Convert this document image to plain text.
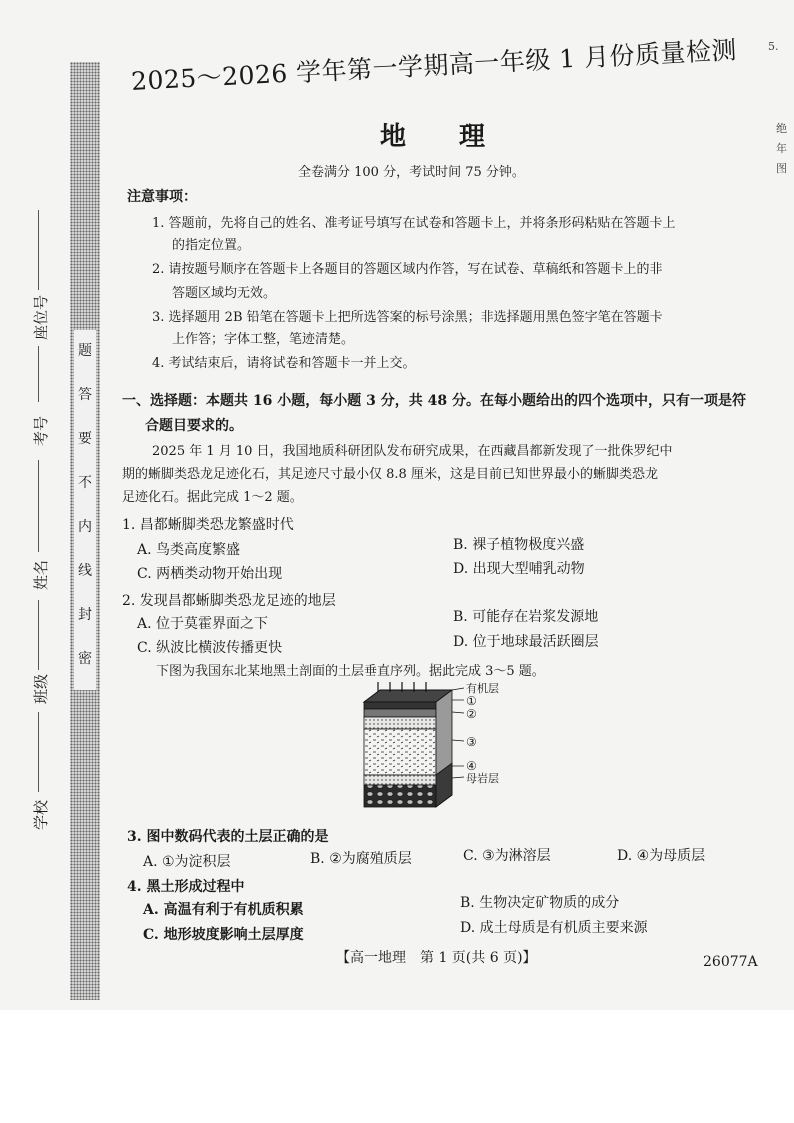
题
答
要
不
内
线
封
密
学校
班级
姓名
考号
座位号
5.
绝
年
图
2025～2026 学年第一学期高一年级 1 月份质量检测
地 理
全卷满分 100 分，考试时间 75 分钟。
注意事项：
1. 答题前，先将自己的姓名、准考证号填写在试卷和答题卡上，并将条形码粘贴在答题卡上
的指定位置。
2. 请按题号顺序在答题卡上各题目的答题区域内作答，写在试卷、草稿纸和答题卡上的非
答题区域均无效。
3. 选择题用 2B 铅笔在答题卡上把所选答案的标号涂黑；非选择题用黑色签字笔在答题卡
上作答；字体工整，笔迹清楚。
4. 考试结束后，请将试卷和答题卡一并上交。
一、选择题：本题共 16 小题，每小题 3 分，共 48 分。在每小题给出的四个选项中，只有一项是符
合题目要求的。
2025 年 1 月 10 日，我国地质科研团队发布研究成果，在西藏昌都新发现了一批侏罗纪中
期的蜥脚类恐龙足迹化石，其足迹尺寸最小仅 8.8 厘米，这是目前已知世界最小的蜥脚类恐龙
足迹化石。据此完成 1～2 题。
1. 昌都蜥脚类恐龙繁盛时代
A. 鸟类高度繁盛	B. 裸子植物极度兴盛
C. 两栖类动物开始出现	D. 出现大型哺乳动物
2. 发现昌都蜥脚类恐龙足迹的地层
A. 位于莫霍界面之下	B. 可能存在岩浆发源地
C. 纵波比横波传播更快	D. 位于地球最活跃圈层
下图为我国东北某地黑土剖面的土层垂直序列。据此完成 3～5 题。
有机层
①
②
③
④
母岩层
3. 图中数码代表的土层正确的是
A. ①为淀积层	B. ②为腐殖质层	C. ③为淋溶层	D. ④为母质层
4. 黑土形成过程中
A. 高温有利于有机质积累	B. 生物决定矿物质的成分
C. 地形坡度影响土层厚度	D. 成土母质是有机质主要来源
【高一地理　第 1 页(共 6 页)】	26077A
